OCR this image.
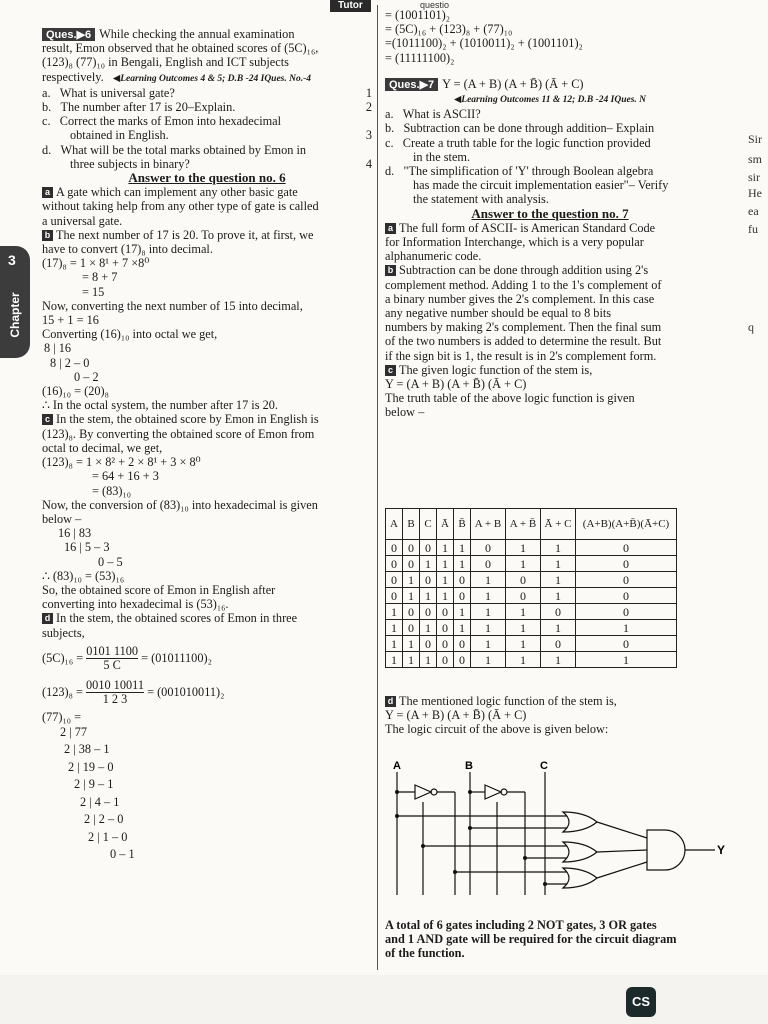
Tutor	questio
3
Chapter
Ques.▶6 While checking the annual examination
result, Emon observed that he obtained scores of (5C)₁₆,
(123)₈ (77)₁₀ in Bengali, English and ICT subjects
respectively. ◀Learning Outcomes 4 & 5; D.B -24 IQues. No.-4
a. What is universal gate?	1
b. The number after 17 is 20–Explain.	2
c. Correct the marks of Emon into hexadecimal
obtained in English.	3
d. What will be the total marks obtained by Emon in
three subjects in binary?	4
Answer to the question no. 6
a A gate which can implement any other basic gate
without taking help from any other type of gate is called
a universal gate.
b The next number of 17 is 20. To prove it, at first, we
have to convert (17)₈ into decimal.
(17)₈ = 1 × 8¹ + 7 ×8⁰
= 8 + 7
= 15
Now, converting the next number of 15 into decimal,
15 + 1 = 16
Converting (16)₁₀ into octal we get,
8 | 16
8 | 2 – 0
0 – 2
(16)₁₀ = (20)₈
∴ In the octal system, the number after 17 is 20.
c In the stem, the obtained score by Emon in English is
(123)₈. By converting the obtained score of Emon from
octal to decimal, we get,
(123)₈ = 1 × 8² + 2 × 8¹ + 3 × 8⁰
= 64 + 16 + 3
= (83)₁₀
Now, the conversion of (83)₁₀ into hexadecimal is given
below –
16 | 83
16 | 5 – 3
0 – 5
∴ (83)₁₀ = (53)₁₆
So, the obtained score of Emon in English after
converting into hexadecimal is (53)₁₆.
d In the stem, the obtained scores of Emon in three
subjects,
$(5C)_{16} = \frac{0101 1100}{5 C} = (01011100)_2$
$(123)_8 = \frac{0010 10011}{1 2 3} = (001010011)_2$
(77)₁₀ =
2 | 77
2 | 38 – 1
2 | 19 – 0
2 | 9 – 1
2 | 4 – 1
2 | 2 – 0
2 | 1 – 0
0 – 1
= (1001101)₂
= (5C)₁₆ + (123)₈ + (77)₁₀
=(1011100)₂ + (1010011)₂ + (1001101)₂
= (11111100)₂
Ques.▶7 Y = (A + B) (A + B̄) (Ā + C)
◀Learning Outcomes 11 & 12; D.B -24 IQues. N
a. What is ASCII?
b. Subtraction can be done through addition– Explain
c. Create a truth table for the logic function provided
in the stem.
d. "The simplification of 'Y' through Boolean algebra
has made the circuit implementation easier"– Verify
the statement with analysis.
Answer to the question no. 7
a The full form of ASCII- is American Standard Code
for Information Interchange, which is a very popular
alphanumeric code.
b Subtraction can be done through addition using 2's
complement method. Adding 1 to the 1's complement of
a binary number gives the 2's complement. In this case
any negative number should be equal to 8 bits
numbers by making 2's complement. Then the final sum
of the two numbers is added to determine the result. But
if the sign bit is 1, the result is in 2's complement form.
c The given logic function of the stem is,
Y = (A + B) (A + B̄) (Ā + C)
The truth table of the above logic function is given
below –
A	B	C	Ā	B̄	A + B	A + B̄	Ā + C	(A+B)(A+B̄)(Ā+C)
0	0	0	1	1	0	1	1	0
0	0	1	1	1	0	1	1	0
0	1	0	1	0	1	0	1	0
0	1	1	1	0	1	0	1	0
1	0	0	0	1	1	1	0	0
1	0	1	0	1	1	1	1	1
1	1	0	0	0	1	1	0	0
1	1	1	0	0	1	1	1	1
d The mentioned logic function of the stem is,
Y = (A + B) (A + B̄) (Ā + C)
The logic circuit of the above is given below:
A	B	C
Y
A total of 6 gates including 2 NOT gates, 3 OR gates
and 1 AND gate will be required for the circuit diagram
of the function.
Sir
sm
sir
He
ea
fu
q
CS
